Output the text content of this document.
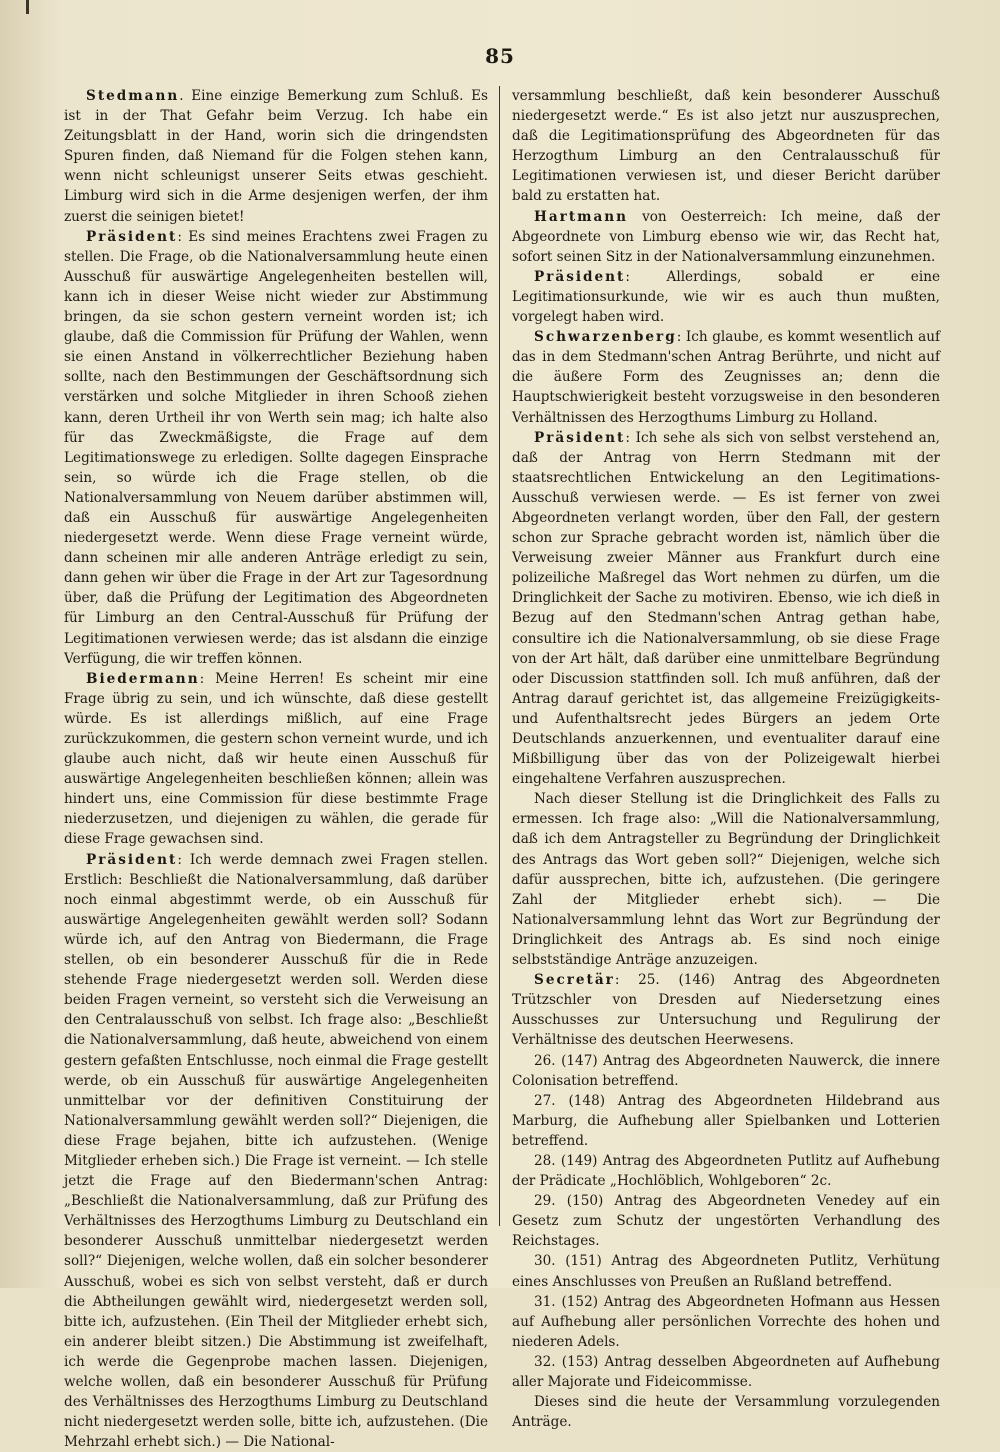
85

Stedmann. Eine einzige Bemerkung zum Schluß. Es ist in der That Gefahr beim Verzug. Ich habe ein Zeitungsblatt in der Hand, worin sich die dringendsten Spuren finden, daß Niemand für die Folgen stehen kann, wenn nicht schleunigst unserer Seits etwas geschieht. Limburg wird sich in die Arme desjenigen werfen, der ihm zuerst die seinigen bietet!

Präsident: Es sind meines Erachtens zwei Fragen zu stellen. Die Frage, ob die Nationalversammlung heute einen Ausschuß für auswärtige Angelegenheiten bestellen will, kann ich in dieser Weise nicht wieder zur Abstimmung bringen, da sie schon gestern verneint worden ist; ich glaube, daß die Commission für Prüfung der Wahlen, wenn sie einen Anstand in völkerrechtlicher Beziehung haben sollte, nach den Bestimmungen der Geschäftsordnung sich verstärken und solche Mitglieder in ihren Schooß ziehen kann, deren Urtheil ihr von Werth sein mag; ich halte also für das Zweckmäßigste, die Frage auf dem Legitimationswege zu erledigen. Sollte dagegen Einsprache sein, so würde ich die Frage stellen, ob die Nationalversammlung von Neuem darüber abstimmen will, daß ein Ausschuß für auswärtige Angelegenheiten niedergesetzt werde. Wenn diese Frage verneint würde, dann scheinen mir alle anderen Anträge erledigt zu sein, dann gehen wir über die Frage in der Art zur Tagesordnung über, daß die Prüfung der Legitimation des Abgeordneten für Limburg an den Central-Ausschuß für Prüfung der Legitimationen verwiesen werde; das ist alsdann die einzige Verfügung, die wir treffen können.

Biedermann: Meine Herren! Es scheint mir eine Frage übrig zu sein, und ich wünschte, daß diese gestellt würde. Es ist allerdings mißlich, auf eine Frage zurückzukommen, die gestern schon verneint wurde, und ich glaube auch nicht, daß wir heute einen Ausschuß für auswärtige Angelegenheiten beschließen können; allein was hindert uns, eine Commission für diese bestimmte Frage niederzusetzen, und diejenigen zu wählen, die gerade für diese Frage gewachsen sind.

Präsident: Ich werde demnach zwei Fragen stellen. Erstlich: Beschließt die Nationalversammlung, daß darüber noch einmal abgestimmt werde, ob ein Ausschuß für auswärtige Angelegenheiten gewählt werden soll? Sodann würde ich, auf den Antrag von Biedermann, die Frage stellen, ob ein besonderer Ausschuß für die in Rede stehende Frage niedergesetzt werden soll. Werden diese beiden Fragen verneint, so versteht sich die Verweisung an den Centralausschuß von selbst. Ich frage also: „Beschließt die Nationalversammlung, daß heute, abweichend von einem gestern gefaßten Entschlusse, noch einmal die Frage gestellt werde, ob ein Ausschuß für auswärtige Angelegenheiten unmittelbar vor der definitiven Constituirung der Nationalversammlung gewählt werden soll?“ Diejenigen, die diese Frage bejahen, bitte ich aufzustehen. (Wenige Mitglieder erheben sich.) Die Frage ist verneint. — Ich stelle jetzt die Frage auf den Biedermann'schen Antrag: „Beschließt die Nationalversammlung, daß zur Prüfung des Verhältnisses des Herzogthums Limburg zu Deutschland ein besonderer Ausschuß unmittelbar niedergesetzt werden soll?“ Diejenigen, welche wollen, daß ein solcher besonderer Ausschuß, wobei es sich von selbst versteht, daß er durch die Abtheilungen gewählt wird, niedergesetzt werden soll, bitte ich, aufzustehen. (Ein Theil der Mitglieder erhebt sich, ein anderer bleibt sitzen.) Die Abstimmung ist zweifelhaft, ich werde die Gegenprobe machen lassen. Diejenigen, welche wollen, daß ein besonderer Ausschuß für Prüfung des Verhältnisses des Herzogthums Limburg zu Deutschland nicht niedergesetzt werden solle, bitte ich, aufzustehen. (Die Mehrzahl erhebt sich.) — Die National-

versammlung beschließt, daß kein besonderer Ausschuß niedergesetzt werde.“ Es ist also jetzt nur auszusprechen, daß die Legitimationsprüfung des Abgeordneten für das Herzogthum Limburg an den Centralausschuß für Legitimationen verwiesen ist, und dieser Bericht darüber bald zu erstatten hat.

Hartmann von Oesterreich: Ich meine, daß der Abgeordnete von Limburg ebenso wie wir, das Recht hat, sofort seinen Sitz in der Nationalversammlung einzunehmen.

Präsident: Allerdings, sobald er eine Legitimationsurkunde, wie wir es auch thun mußten, vorgelegt haben wird.

Schwarzenberg: Ich glaube, es kommt wesentlich auf das in dem Stedmann'schen Antrag Berührte, und nicht auf die äußere Form des Zeugnisses an; denn die Hauptschwierigkeit besteht vorzugsweise in den besonderen Verhältnissen des Herzogthums Limburg zu Holland.

Präsident: Ich sehe als sich von selbst verstehend an, daß der Antrag von Herrn Stedmann mit der staatsrechtlichen Entwickelung an den Legitimations-Ausschuß verwiesen werde. — Es ist ferner von zwei Abgeordneten verlangt worden, über den Fall, der gestern schon zur Sprache gebracht worden ist, nämlich über die Verweisung zweier Männer aus Frankfurt durch eine polizeiliche Maßregel das Wort nehmen zu dürfen, um die Dringlichkeit der Sache zu motiviren. Ebenso, wie ich dieß in Bezug auf den Stedmann'schen Antrag gethan habe, consultire ich die Nationalversammlung, ob sie diese Frage von der Art hält, daß darüber eine unmittelbare Begründung oder Discussion stattfinden soll. Ich muß anführen, daß der Antrag darauf gerichtet ist, das allgemeine Freizügigkeits- und Aufenthaltsrecht jedes Bürgers an jedem Orte Deutschlands anzuerkennen, und eventualiter darauf eine Mißbilligung über das von der Polizeigewalt hierbei eingehaltene Verfahren auszusprechen.

Nach dieser Stellung ist die Dringlichkeit des Falls zu ermessen. Ich frage also: „Will die Nationalversammlung, daß ich dem Antragsteller zu Begründung der Dringlichkeit des Antrags das Wort geben soll?“ Diejenigen, welche sich dafür aussprechen, bitte ich, aufzustehen. (Die geringere Zahl der Mitglieder erhebt sich). — Die Nationalversammlung lehnt das Wort zur Begründung der Dringlichkeit des Antrags ab. Es sind noch einige selbstständige Anträge anzuzeigen.

Secretär: 25. (146) Antrag des Abgeordneten Trützschler von Dresden auf Niedersetzung eines Ausschusses zur Untersuchung und Regulirung der Verhältnisse des deutschen Heerwesens.

26. (147) Antrag des Abgeordneten Nauwerck, die innere Colonisation betreffend.

27. (148) Antrag des Abgeordneten Hildebrand aus Marburg, die Aufhebung aller Spielbanken und Lotterien betreffend.

28. (149) Antrag des Abgeordneten Putlitz auf Aufhebung der Prädicate „Hochlöblich, Wohlgeboren“ 2c.

29. (150) Antrag des Abgeordneten Venedey auf ein Gesetz zum Schutz der ungestörten Verhandlung des Reichstages.

30. (151) Antrag des Abgeordneten Putlitz, Verhütung eines Anschlusses von Preußen an Rußland betreffend.

31. (152) Antrag des Abgeordneten Hofmann aus Hessen auf Aufhebung aller persönlichen Vorrechte des hohen und niederen Adels.

32. (153) Antrag desselben Abgeordneten auf Aufhebung aller Majorate und Fideicommisse.

Dieses sind die heute der Versammlung vorzulegenden Anträge.
